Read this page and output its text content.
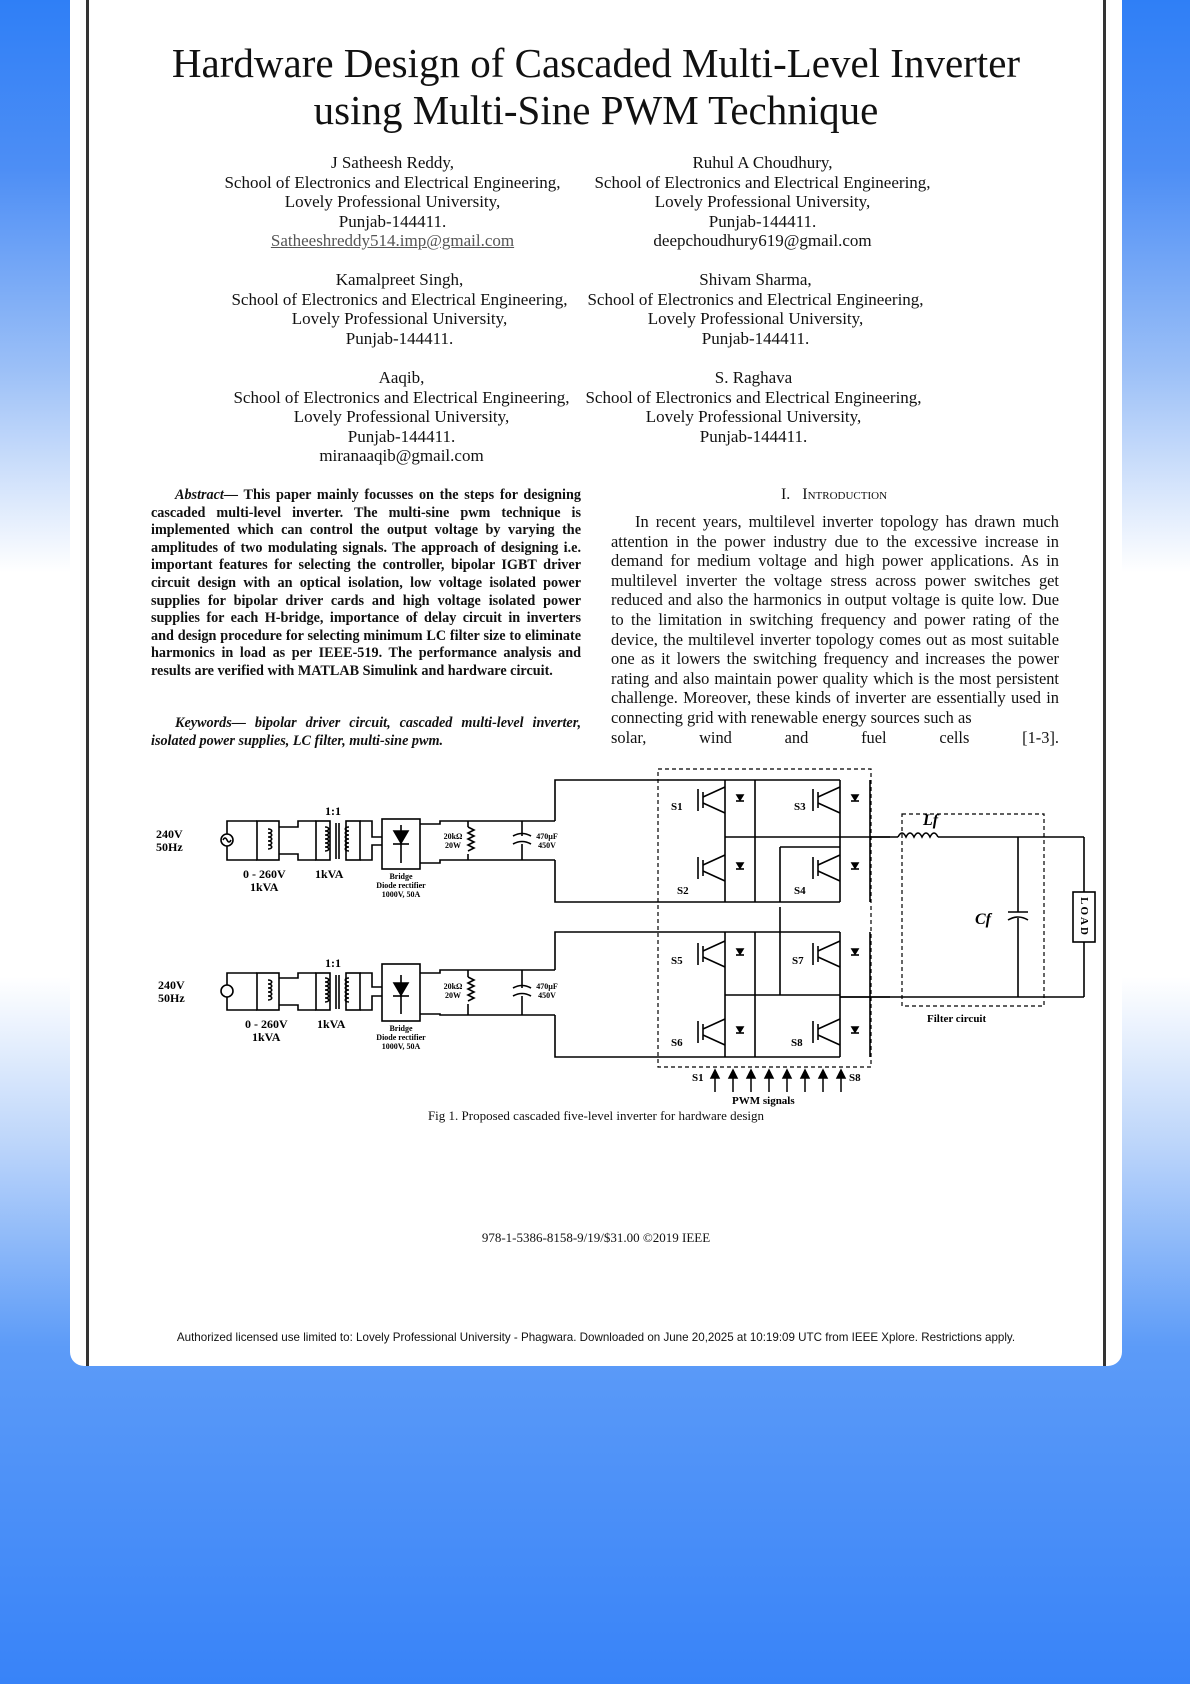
Hardware Design of Cascaded Multi-Level Inverter
using Multi-Sine PWM Technique
J Satheesh Reddy,
School of Electronics and Electrical Engineering,
Lovely Professional University,
Punjab-144411.
Satheeshreddy514.imp@gmail.com
Ruhul A Choudhury,
School of Electronics and Electrical Engineering,
Lovely Professional University,
Punjab-144411.
deepchoudhury619@gmail.com
Kamalpreet Singh,
School of Electronics and Electrical Engineering,
Lovely Professional University,
Punjab-144411.
Shivam Sharma,
School of Electronics and Electrical Engineering,
Lovely Professional University,
Punjab-144411.
Aaqib,
School of Electronics and Electrical Engineering,
Lovely Professional University,
Punjab-144411.
miranaaqib@gmail.com
S. Raghava
School of Electronics and Electrical Engineering,
Lovely Professional University,
Punjab-144411.
Abstract— This paper mainly focusses on the steps for designing cascaded multi-level inverter. The multi-sine pwm technique is implemented which can control the output voltage by varying the amplitudes of two modulating signals. The approach of designing i.e. important features for selecting the controller, bipolar IGBT driver circuit design with an optical isolation, low voltage isolated power supplies for bipolar driver cards and high voltage isolated power supplies for each H-bridge, importance of delay circuit in inverters and design procedure for selecting minimum LC filter size to eliminate harmonics in load as per IEEE-519. The performance analysis and results are verified with MATLAB Simulink and hardware circuit.
Keywords— bipolar driver circuit, cascaded multi-level inverter, isolated power supplies, LC filter, multi-sine pwm.
I. Introduction

In recent years, multilevel inverter topology has drawn much attention in the power industry due to the excessive increase in demand for medium voltage and high power applications. As in multilevel inverter the voltage stress across power switches get reduced and also the harmonics in output voltage is quite low. Due to the limitation in switching frequency and power rating of the device, the multilevel inverter topology comes out as most suitable one as it lowers the switching frequency and increases the power rating and also maintain power quality which is the most persistent challenge. Moreover, these kinds of inverter are essentially used in connecting grid with renewable energy sources such as

solar, wind and fuel cells [1-3].
240V
50Hz
240V
50Hz
0 - 260V
1kVA
0 - 260V
1kVA
1:1
1kVA
1:1
1kVA
Bridge
Diode rectifier
1000V, 50A
Bridge
Diode rectifier
1000V, 50A
20kΩ
20W
20kΩ
20W
470µF
450V
470µF
450V
S1	S3
S2	S4
S5	S7
S6	S8
S1	S8
PWM signals
Filter circuit
Lf
Cf	LOAD
Fig 1. Proposed cascaded five-level inverter for hardware design
978-1-5386-8158-9/19/$31.00 ©2019 IEEE
Authorized licensed use limited to: Lovely Professional University - Phagwara. Downloaded on June 20,2025 at 10:19:09 UTC from IEEE Xplore. Restrictions apply.
